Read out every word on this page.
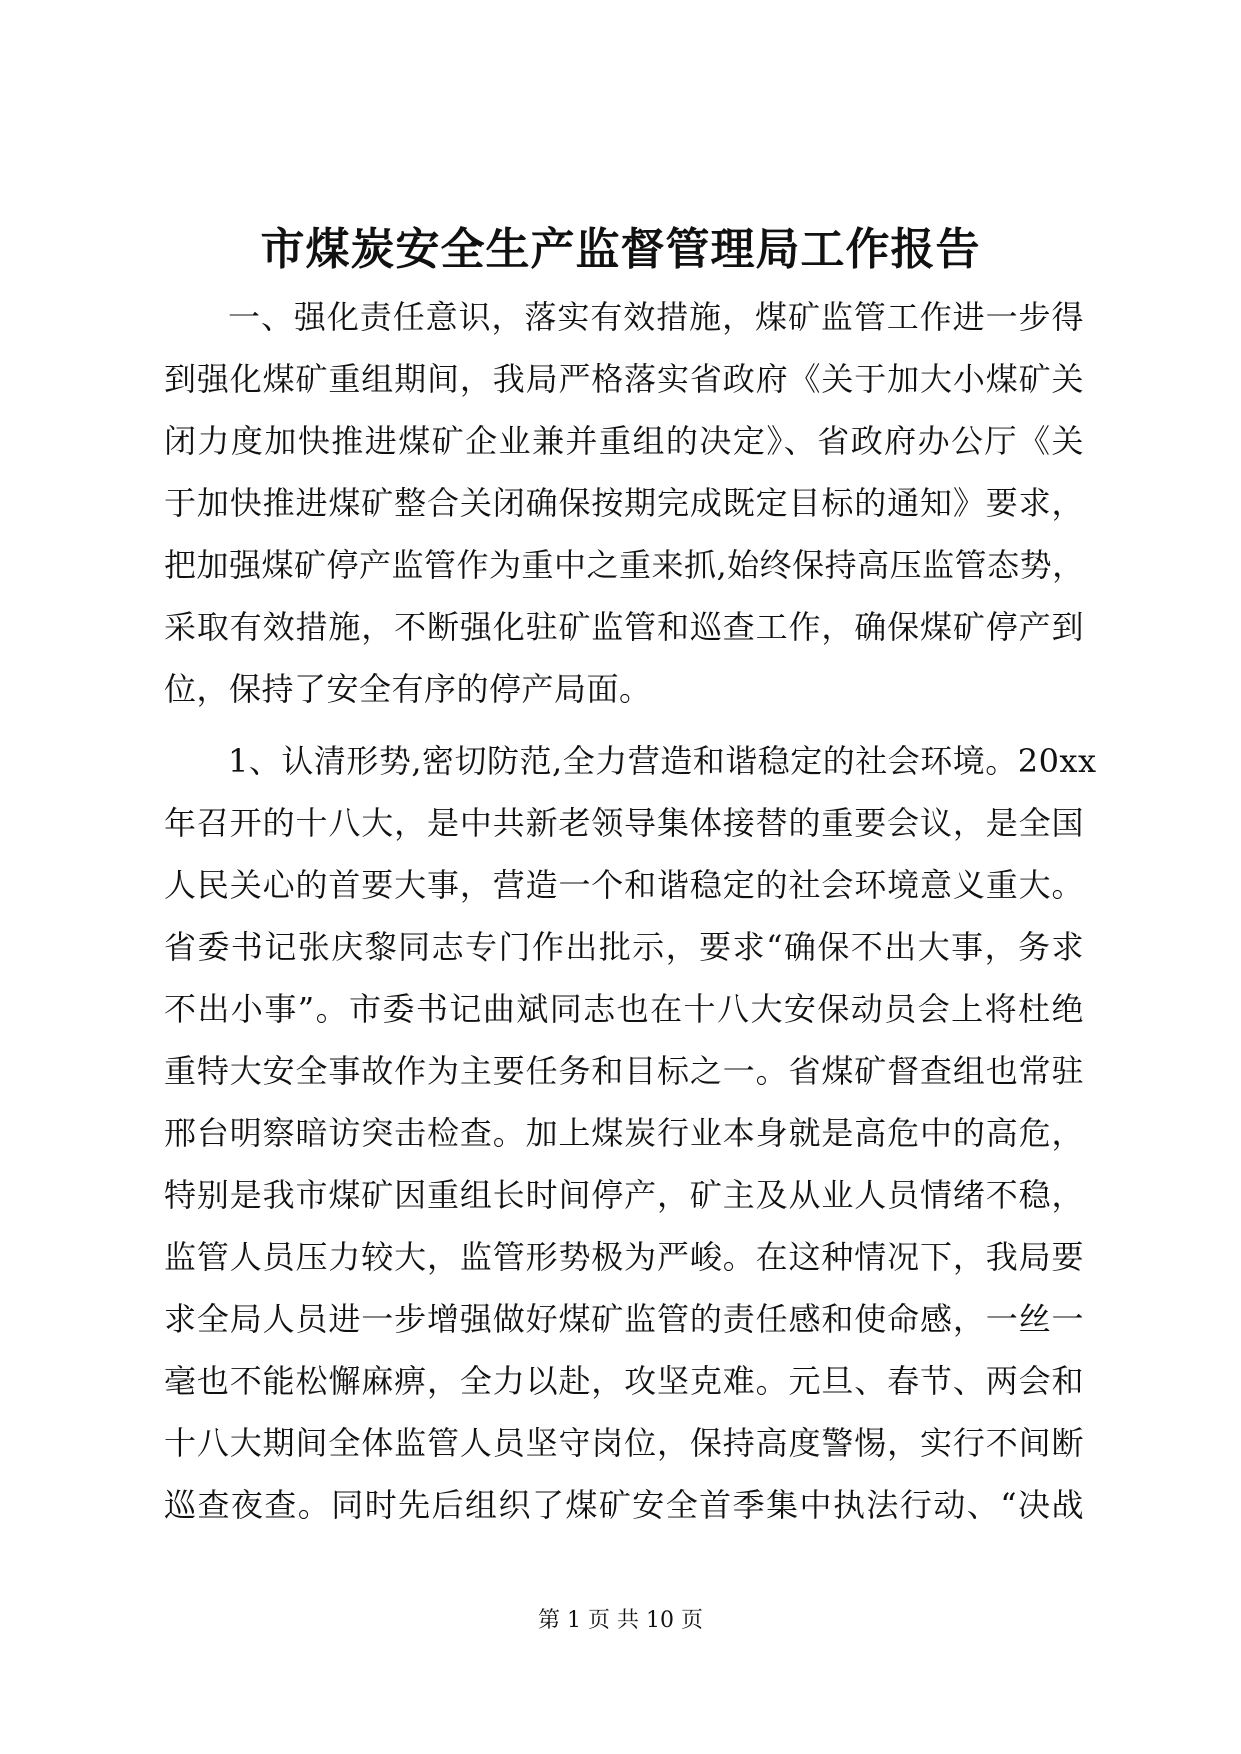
市煤炭安全生产监督管理局工作报告
一、强化责任意识，落实有效措施，煤矿监管工作进一步得
到强化煤矿重组期间，我局严格落实省政府《关于加大小煤矿关
闭力度加快推进煤矿企业兼并重组的决定》、省政府办公厅《关
于加快推进煤矿整合关闭确保按期完成既定目标的通知》要求，
把加强煤矿停产监管作为重中之重来抓,始终保持高压监管态势，
采取有效措施，不断强化驻矿监管和巡查工作，确保煤矿停产到
位，保持了安全有序的停产局面。
1、认清形势,密切防范,全力营造和谐稳定的社会环境。20xx
年召开的十八大，是中共新老领导集体接替的重要会议，是全国
人民关心的首要大事，营造一个和谐稳定的社会环境意义重大。
省委书记张庆黎同志专门作出批示，要求“确保不出大事，务求
不出小事”。市委书记曲斌同志也在十八大安保动员会上将杜绝
重特大安全事故作为主要任务和目标之一。省煤矿督查组也常驻
邢台明察暗访突击检查。加上煤炭行业本身就是高危中的高危，
特别是我市煤矿因重组长时间停产，矿主及从业人员情绪不稳，
监管人员压力较大，监管形势极为严峻。在这种情况下，我局要
求全局人员进一步增强做好煤矿监管的责任感和使命感，一丝一
毫也不能松懈麻痹，全力以赴，攻坚克难。元旦、春节、两会和
十八大期间全体监管人员坚守岗位，保持高度警惕，实行不间断
巡查夜查。同时先后组织了煤矿安全首季集中执法行动、“决战
第 1 页 共 10 页
